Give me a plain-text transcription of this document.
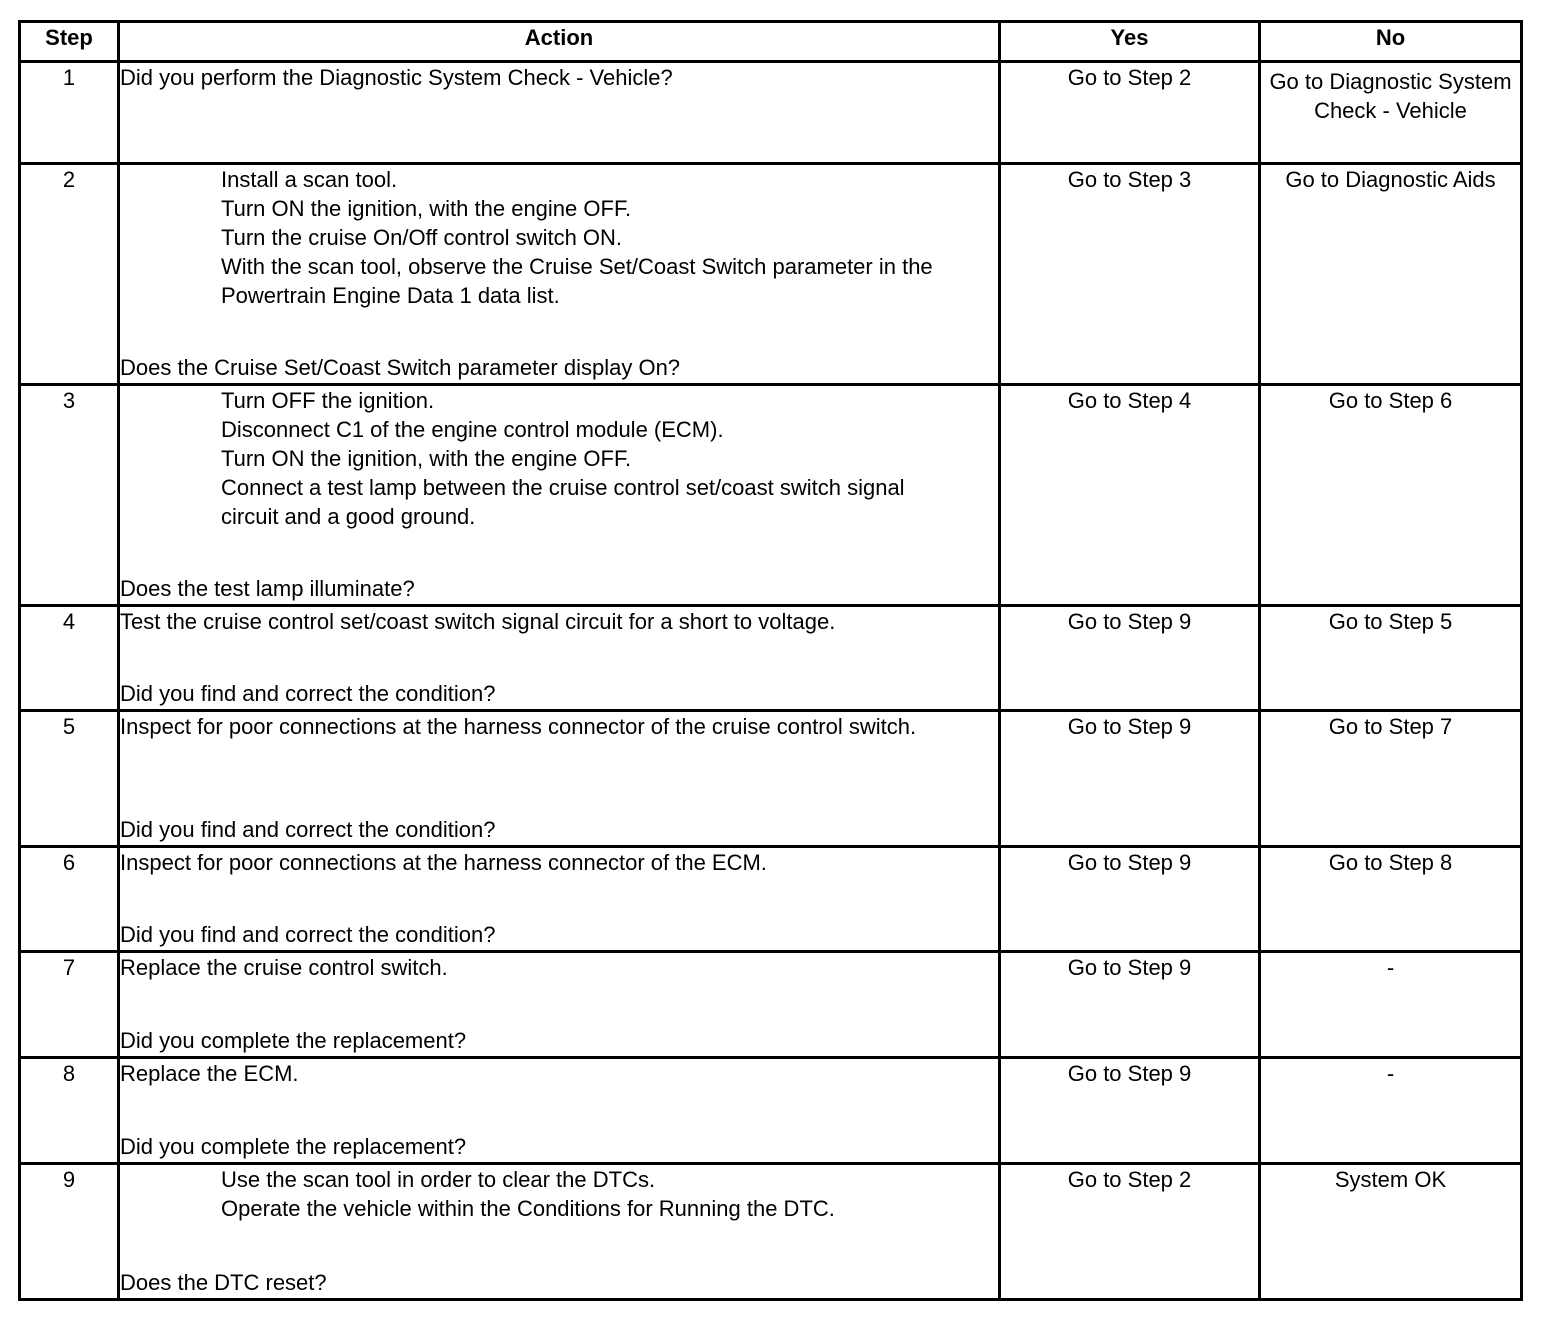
Step	Action	Yes	No
1	Did you perform the Diagnostic System Check - Vehicle?	Go to Step 2	Go to Diagnostic System Check - Vehicle
2	Install a scan tool.
Turn ON the ignition, with the engine OFF.
Turn the cruise On/Off control switch ON.
With the scan tool, observe the Cruise Set/Coast Switch parameter in the Powertrain Engine Data 1 data list.
Does the Cruise Set/Coast Switch parameter display On?	Go to Step 3	Go to Diagnostic Aids
3	Turn OFF the ignition.
Disconnect C1 of the engine control module (ECM).
Turn ON the ignition, with the engine OFF.
Connect a test lamp between the cruise control set/coast switch signal circuit and a good ground.
Does the test lamp illuminate?	Go to Step 4	Go to Step 6
4	Test the cruise control set/coast switch signal circuit for a short to voltage.
Did you find and correct the condition?	Go to Step 9	Go to Step 5
5	Inspect for poor connections at the harness connector of the cruise control switch.
Did you find and correct the condition?	Go to Step 9	Go to Step 7
6	Inspect for poor connections at the harness connector of the ECM.
Did you find and correct the condition?	Go to Step 9	Go to Step 8
7	Replace the cruise control switch.
Did you complete the replacement?	Go to Step 9	-
8	Replace the ECM.
Did you complete the replacement?	Go to Step 9	-
9	Use the scan tool in order to clear the DTCs.
Operate the vehicle within the Conditions for Running the DTC.
Does the DTC reset?	Go to Step 2	System OK
